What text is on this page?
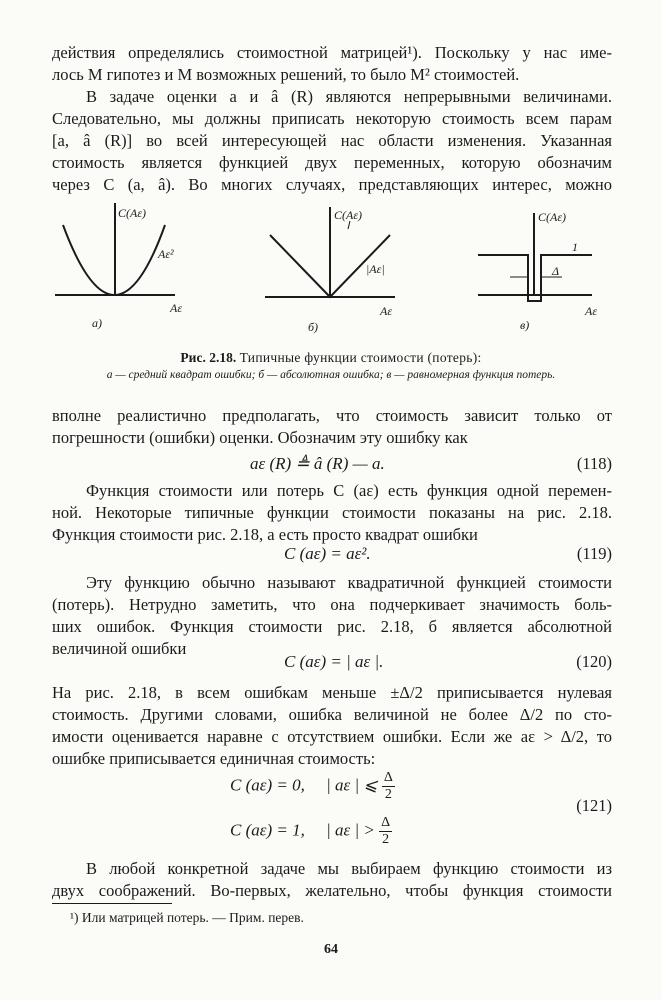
действия определялись стоимостной матрицей¹). Поскольку у нас име-
лось M гипотез и M возможных решений, то было M² стоимостей.
В задаче оценки a и â (R) являются непрерывными величинами.
Следовательно, мы должны приписать некоторую стоимость всем парам
[a, â (R)] во всей интересующей нас области изменения. Указанная
стоимость является функцией двух переменных, которую обозначим
через C (a, â). Во многих случаях, представляющих интерес, можно
C(Aε)
Aε²
Aε
а)
C(Aε)
|Aε|
Aε
б)
C(Aε)
1
Δ
Aε
в)
Рис. 2.18. Типичные функции стоимости (потерь):
а — средний квадрат ошибки; б — абсолютная ошибка; в — равномерная функция потерь.
вполне реалистично предполагать, что стоимость зависит только от
погрешности (ошибки) оценки. Обозначим эту ошибку как
aε (R) ≜ â (R) — a.	(118)
Функция стоимости или потерь C (aε) есть функция одной перемен-
ной. Некоторые типичные функции стоимости показаны на рис. 2.18.
Функция стоимости рис. 2.18, а есть просто квадрат ошибки
C (aε) = aε².	(119)
Эту функцию обычно называют квадратичной функцией стоимости
(потерь). Нетрудно заметить, что она подчеркивает значимость боль-
ших ошибок. Функция стоимости рис. 2.18, б является абсолютной
величиной ошибки
C (aε) = | aε |.	(120)
На рис. 2.18, в всем ошибкам меньше ±Δ/2 приписывается нулевая
стоимость. Другими словами, ошибка величиной не более Δ/2 по сто-
имости оценивается наравне с отсутствием ошибки. Если же aε > Δ/2, то
ошибке приписывается единичная стоимость:
C (aε) = 0, | aε | ⩽ $\frac{\Delta}{2}$
C (aε) = 1, | aε | > $\frac{\Delta}{2}$
(121)
В любой конкретной задаче мы выбираем функцию стоимости из
двух соображений. Во-первых, желательно, чтобы функция стоимости
¹) Или матрицей потерь. — Прим. перев.
64
